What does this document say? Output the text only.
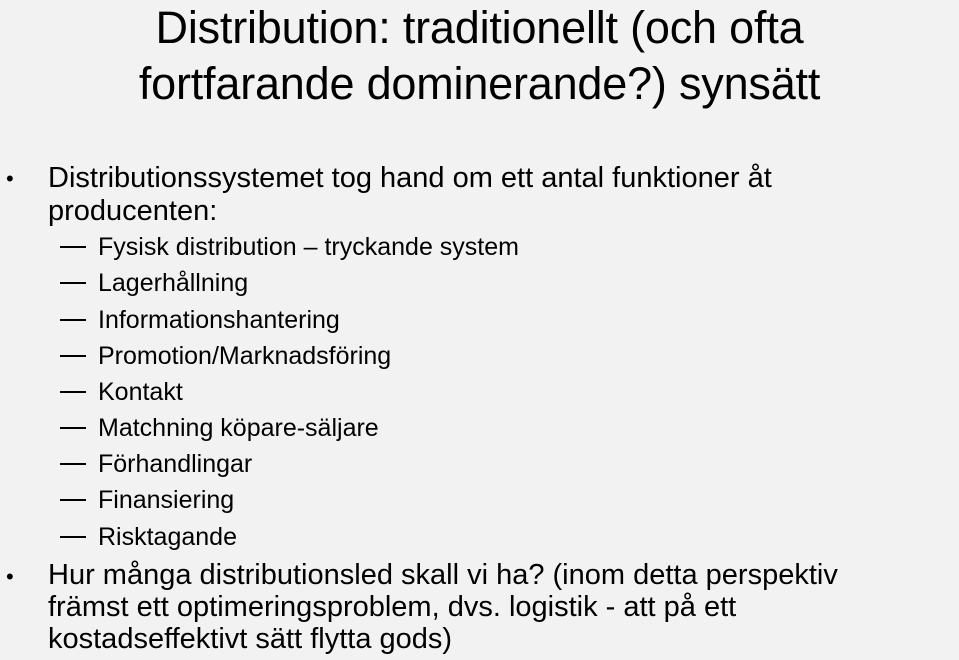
Distribution: traditionellt (och ofta
fortfarande dominerande?) synsätt
• Distributionssystemet tog hand om ett antal funktioner åt
producenten:
Fysisk distribution – tryckande system
Lagerhållning
Informationshantering
Promotion/Marknadsföring
Kontakt
Matchning köpare-säljare
Förhandlingar
Finansiering
Risktagande
• Hur många distributionsled skall vi ha? (inom detta perspektiv
främst ett optimeringsproblem, dvs. logistik - att på ett
kostadseffektivt sätt flytta gods)
